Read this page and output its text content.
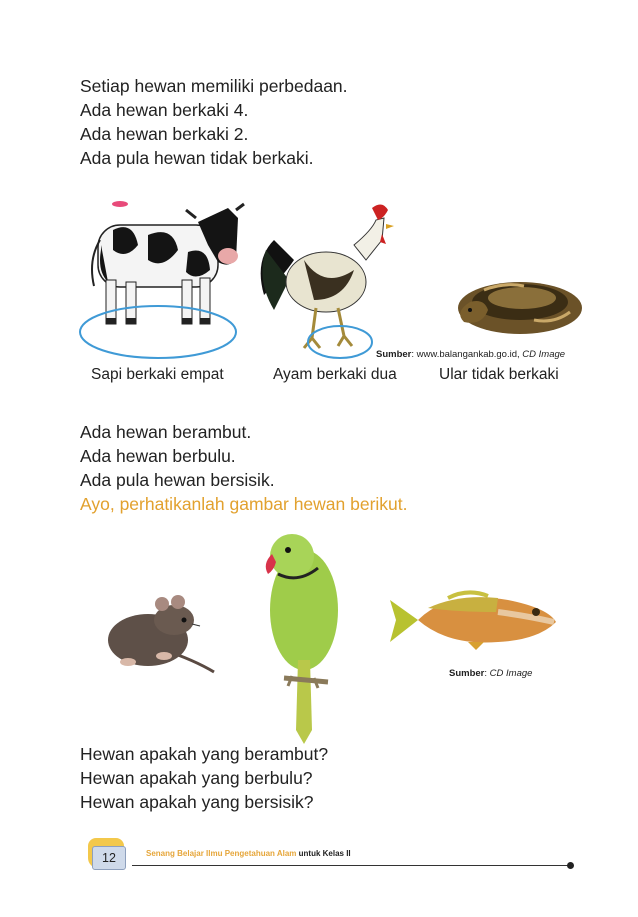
Setiap hewan memiliki perbedaan.

Ada hewan berkaki 4.

Ada hewan berkaki 2.

Ada pula hewan tidak berkaki.

Sumber: www.balangankab.go.id, CD Image
Sapi berkaki empat	Ayam berkaki dua	Ular tidak berkaki

Ada hewan berambut.

Ada hewan berbulu.

Ada pula hewan bersisik.

Ayo, perhatikanlah gambar hewan berikut.

Sumber: CD Image

Hewan apakah yang berambut?

Hewan apakah yang berbulu?

Hewan apakah yang bersisik?

12	Senang Belajar Ilmu Pengetahuan Alam untuk Kelas II
